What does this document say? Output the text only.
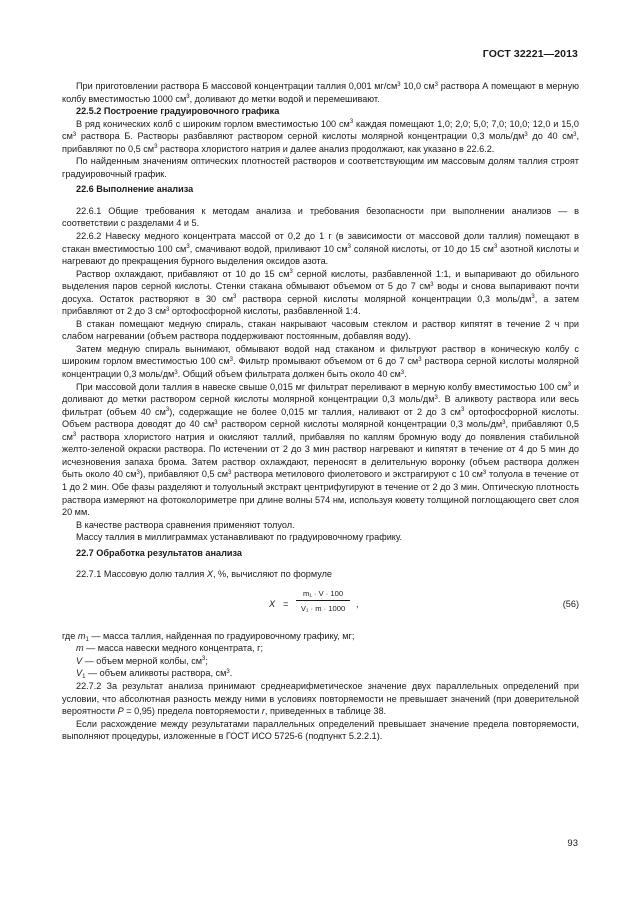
ГОСТ 32221—2013

При приготовлении раствора Б массовой концентрации таллия 0,001 $мг/см^3$ 10,0 $см^3$ раствора А помещают в мерную колбу вместимостью 1000 $см^3$, доливают до метки водой и перемешивают.

22.5.2 Построение градуировочного графика

В ряд конических колб с широким горлом вместимостью 100 $см^3$ каждая помещают 1,0; 2,0; 5,0; 7,0; 10,0; 12,0 и 15,0 $см^3$ раствора Б. Растворы разбавляют раствором серной кислоты молярной концентрации 0,3 моль/$дм^3$ до 40 $см^3$, прибавляют по 0,5 $см^3$ раствора хлористого натрия и далее анализ продолжают, как указано в 22.6.2.

По найденным значениям оптических плотностей растворов и соответствующим им массовым долям таллия строят градуировочный график.

22.6 Выполнение анализа

22.6.1 Общие требования к методам анализа и требования безопасности при выполнении анализов — в соответствии с разделами 4 и 5.

22.6.2 Навеску медного концентрата массой от 0,2 до 1 г (в зависимости от массовой доли таллия) помещают в стакан вместимостью 100 $см^3$, смачивают водой, приливают 10 $см^3$ соляной кислоты, от 10 до 15 $см^3$ азотной кислоты и нагревают до прекращения бурного выделения оксидов азота.

Раствор охлаждают, прибавляют от 10 до 15 $см^3$ серной кислоты, разбавленной 1:1, и выпаривают до обильного выделения паров серной кислоты. Стенки стакана обмывают объемом от 5 до 7 $см^3$ воды и снова выпаривают почти досуха. Остаток растворяют в 30 $см^3$ раствора серной кислоты молярной концентрации 0,3 моль/$дм^3$, а затем прибавляют от 2 до 3 $см^3$ ортофосфорной кислоты, разбавленной 1:4.

В стакан помещают медную спираль, стакан накрывают часовым стеклом и раствор кипятят в течение 2 ч при слабом нагревании (объем раствора поддерживают постоянным, добавляя воду).

Затем медную спираль вынимают, обмывают водой над стаканом и фильтруют раствор в коническую колбу с широким горлом вместимостью 100 $см^3$. Фильтр промывают объемом от 6 до 7 $см^3$ раствора серной кислоты молярной концентрации 0,3 моль/$дм^3$. Общий объем фильтрата должен быть около 40 $см^3$.

При массовой доли таллия в навеске свыше 0,015 мг фильтрат переливают в мерную колбу вместимостью 100 $см^3$ и доливают до метки раствором серной кислоты молярной концентрации 0,3 моль/$дм^3$. В аликвоту раствора или весь фильтрат (объем 40 $см^3$), содержащие не более 0,015 мг таллия, наливают от 2 до 3 $см^3$ ортофосфорной кислоты. Объем раствора доводят до 40 $см^3$ раствором серной кислоты молярной концентрации 0,3 моль/$дм^3$, прибавляют 0,5 $см^3$ раствора хлористого натрия и окисляют таллий, прибавляя по каплям бромную воду до появления стабильной желто-зеленой окраски раствора. По истечении от 2 до 3 мин раствор нагревают и кипятят в течение от 4 до 5 мин до исчезновения запаха брома. Затем раствор охлаждают, переносят в делительную воронку (объем раствора должен быть около 40 $см^3$), прибавляют 0,5 $см^3$ раствора метилового фиолетового и экстрагируют с 10 $см^3$ толуола в течение от 1 до 2 мин. Обе фазы разделяют и толуольный экстракт центрифугируют в течение от 2 до 3 мин. Оптическую плотность раствора измеряют на фотоколориметре при длине волны 574 нм, используя кювету толщиной поглощающего свет слоя 20 мм.

В качестве раствора сравнения применяют толуол.

Массу таллия в миллиграммах устанавливают по градуировочному графику.

22.7 Обработка результатов анализа

22.7.1 Массовую долю таллия X, %, вычисляют по формуле

$X = \frac{\text{m₁ · V · 100}}{\text{V₁ · m · 1000}}$ ,	(56)
где $m_1$ — масса таллия, найденная по градуировочному графику, мг;
m — масса навески медного концентрата, г;
V — объем мерной колбы, $см^3$;
$V_1$ — объем аликвоты раствора, $см^3$.

22.7.2 За результат анализа принимают среднеарифметическое значение двух параллельных определений при условии, что абсолютная разность между ними в условиях повторяемости не превышает значений (при доверительной вероятности P = 0,95) предела повторяемости r, приведенных в таблице 38.

Если расхождение между результатами параллельных определений превышает значение предела повторяемости, выполняют процедуры, изложенные в ГОСТ ИСО 5725-6 (подпункт 5.2.2.1).

93
